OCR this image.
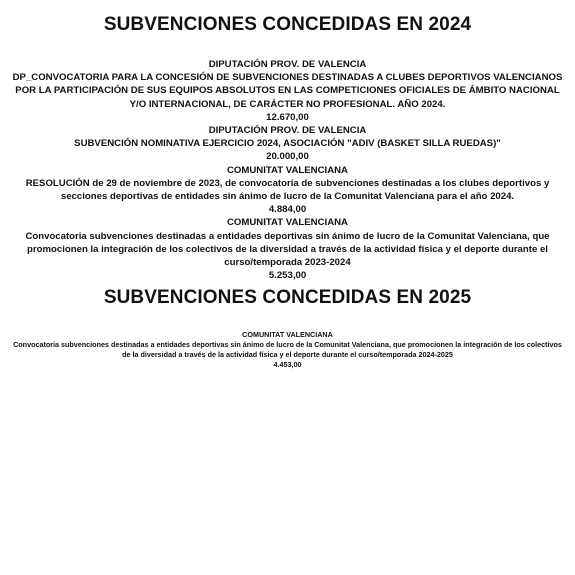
SUBVENCIONES CONCEDIDAS EN 2024
DIPUTACIÓN PROV. DE VALENCIA
DP_CONVOCATORIA PARA LA CONCESIÓN DE SUBVENCIONES DESTINADAS A CLUBES DEPORTIVOS VALENCIANOS POR LA PARTICIPACIÓN DE SUS EQUIPOS ABSOLUTOS EN LAS COMPETICIONES OFICIALES DE ÁMBITO NACIONAL Y/O INTERNACIONAL, DE CARÁCTER NO PROFESIONAL. AÑO 2024.
12.670,00
DIPUTACIÓN PROV. DE VALENCIA
SUBVENCIÓN NOMINATIVA EJERCICIO 2024, ASOCIACIÓN "ADIV (BASKET SILLA RUEDAS)"
20.000,00
COMUNITAT VALENCIANA
RESOLUCIÓN de 29 de noviembre de 2023, de convocatoria de subvenciones destinadas a los clubes deportivos y secciones deportivas de entidades sin ánimo de lucro de la Comunitat Valenciana para el año 2024.
4.884,00
COMUNITAT VALENCIANA
Convocatoria subvenciones destinadas a entidades deportivas sin ánimo de lucro de la Comunitat Valenciana, que promocionen la integración de los colectivos de la diversidad a través de la actividad física y el deporte durante el curso/temporada 2023-2024
5.253,00
SUBVENCIONES CONCEDIDAS EN 2025
COMUNITAT VALENCIANA
Convocatoria subvenciones destinadas a entidades deportivas sin ánimo de lucro de la Comunitat Valenciana, que promocionen la integración de los colectivos de la diversidad a través de la actividad física y el deporte durante el curso/temporada 2024-2025
4.453,00
